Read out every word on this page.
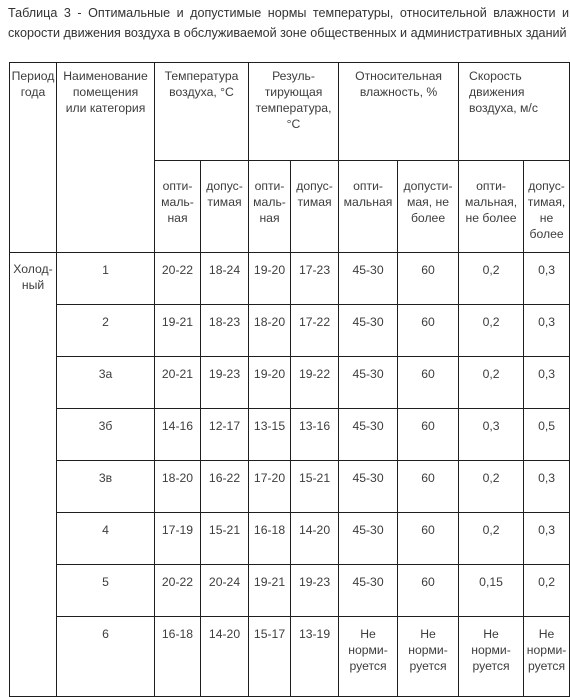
Таблица 3 - Оптимальные и допустимые нормы температуры, относительной влажности и
скорости движения воздуха в обслуживаемой зоне общественных и административных зданий
Период
года	Наименование
помещения
или категория	Температура
воздуха, °С		Резуль-
тирующая
температура,
°С		Относительная
влажность, %		Скорость движения
воздуха, м/с	

		опти-
маль-
ная	допус-
тимая	опти-
маль-
ная	допус-
тимая	опти-
мальная	допусти-
мая, не
более	опти-
мальная,
не более	допус-
тимая,
не более

Холод-
ный	1	20-22	18-24	19-20	17-23	45-30	60	0,2	0,3
	2	19-21	18-23	18-20	17-22	45-30	60	0,2	0,3
	3а	20-21	19-23	19-20	19-22	45-30	60	0,2	0,3
	3б	14-16	12-17	13-15	13-16	45-30	60	0,3	0,5
	3в	18-20	16-22	17-20	15-21	45-30	60	0,2	0,3
	4	17-19	15-21	16-18	14-20	45-30	60	0,2	0,3
	5	20-22	20-24	19-21	19-23	45-30	60	0,15	0,2
	6	16-18	14-20	15-17	13-19	Не
норми-
руется	Не
норми-
руется	Не
норми-
руется	Не
норми-
руется
